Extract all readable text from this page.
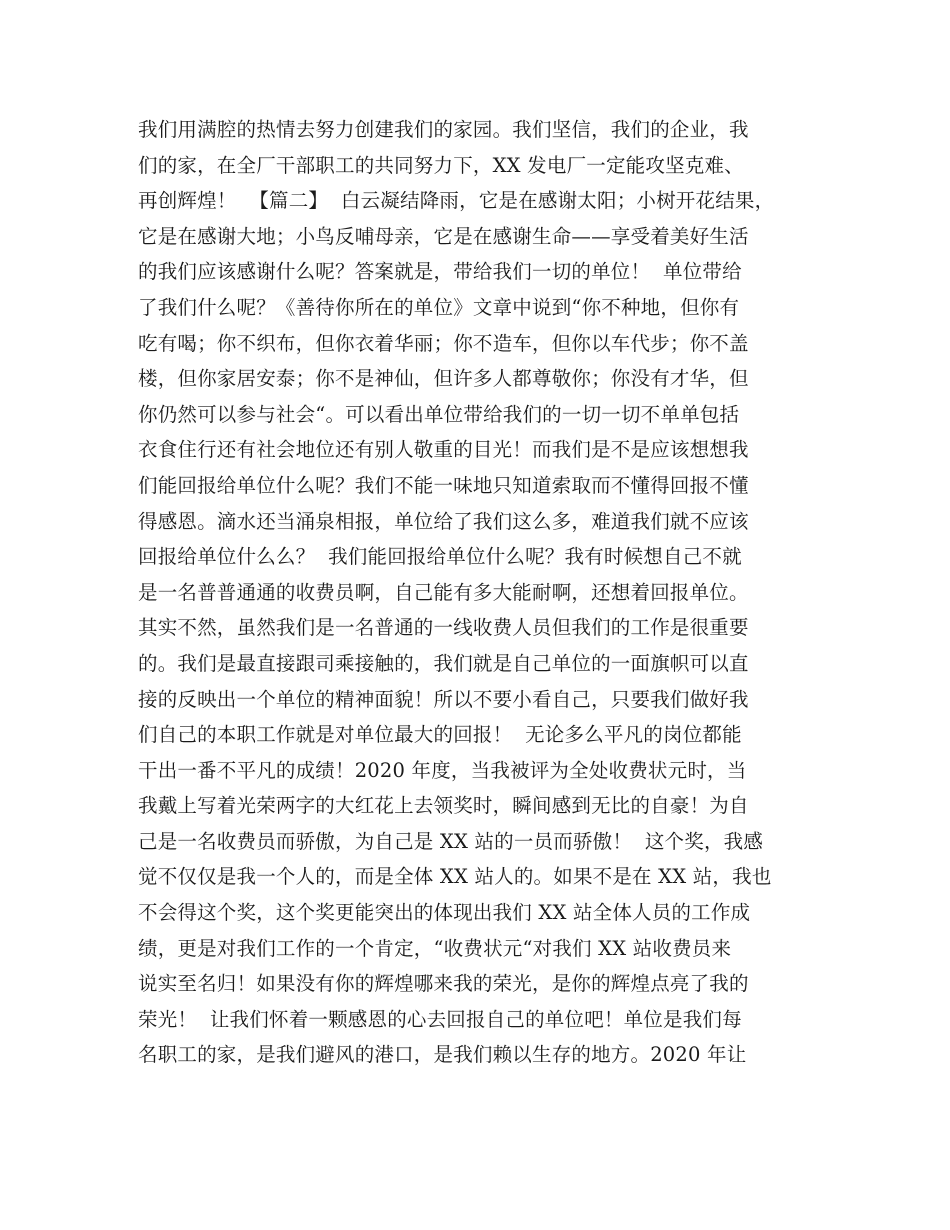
我们用满腔的热情去努力创建我们的家园。我们坚信，我们的企业，我
们的家，在全厂干部职工的共同努力下，XX 发电厂一定能攻坚克难、
再创辉煌！  【篇二】  白云凝结降雨，它是在感谢太阳；小树开花结果，
它是在感谢大地；小鸟反哺母亲，它是在感谢生命——享受着美好生活
的我们应该感谢什么呢？答案就是，带给我们一切的单位！  单位带给
了我们什么呢？《善待你所在的单位》文章中说到“你不种地，但你有
吃有喝；你不织布，但你衣着华丽；你不造车，但你以车代步；你不盖
楼，但你家居安泰；你不是神仙，但许多人都尊敬你；你没有才华，但
你仍然可以参与社会“。可以看出单位带给我们的一切一切不单单包括
衣食住行还有社会地位还有别人敬重的目光！而我们是不是应该想想我
们能回报给单位什么呢？我们不能一味地只知道索取而不懂得回报不懂
得感恩。滴水还当涌泉相报，单位给了我们这么多，难道我们就不应该
回报给单位什么么？  我们能回报给单位什么呢？我有时候想自己不就
是一名普普通通的收费员啊，自己能有多大能耐啊，还想着回报单位。
其实不然，虽然我们是一名普通的一线收费人员但我们的工作是很重要
的。我们是最直接跟司乘接触的，我们就是自己单位的一面旗帜可以直
接的反映出一个单位的精神面貌！所以不要小看自己，只要我们做好我
们自己的本职工作就是对单位最大的回报！  无论多么平凡的岗位都能
干出一番不平凡的成绩！2020 年度，当我被评为全处收费状元时，当
我戴上写着光荣两字的大红花上去领奖时，瞬间感到无比的自豪！为自
己是一名收费员而骄傲，为自己是 XX 站的一员而骄傲！  这个奖，我感
觉不仅仅是我一个人的，而是全体 XX 站人的。如果不是在 XX 站，我也
不会得这个奖，这个奖更能突出的体现出我们 XX 站全体人员的工作成
绩，更是对我们工作的一个肯定，“收费状元“对我们 XX 站收费员来
说实至名归！如果没有你的辉煌哪来我的荣光，是你的辉煌点亮了我的
荣光！  让我们怀着一颗感恩的心去回报自己的单位吧！单位是我们每
名职工的家，是我们避风的港口，是我们赖以生存的地方。2020 年让
